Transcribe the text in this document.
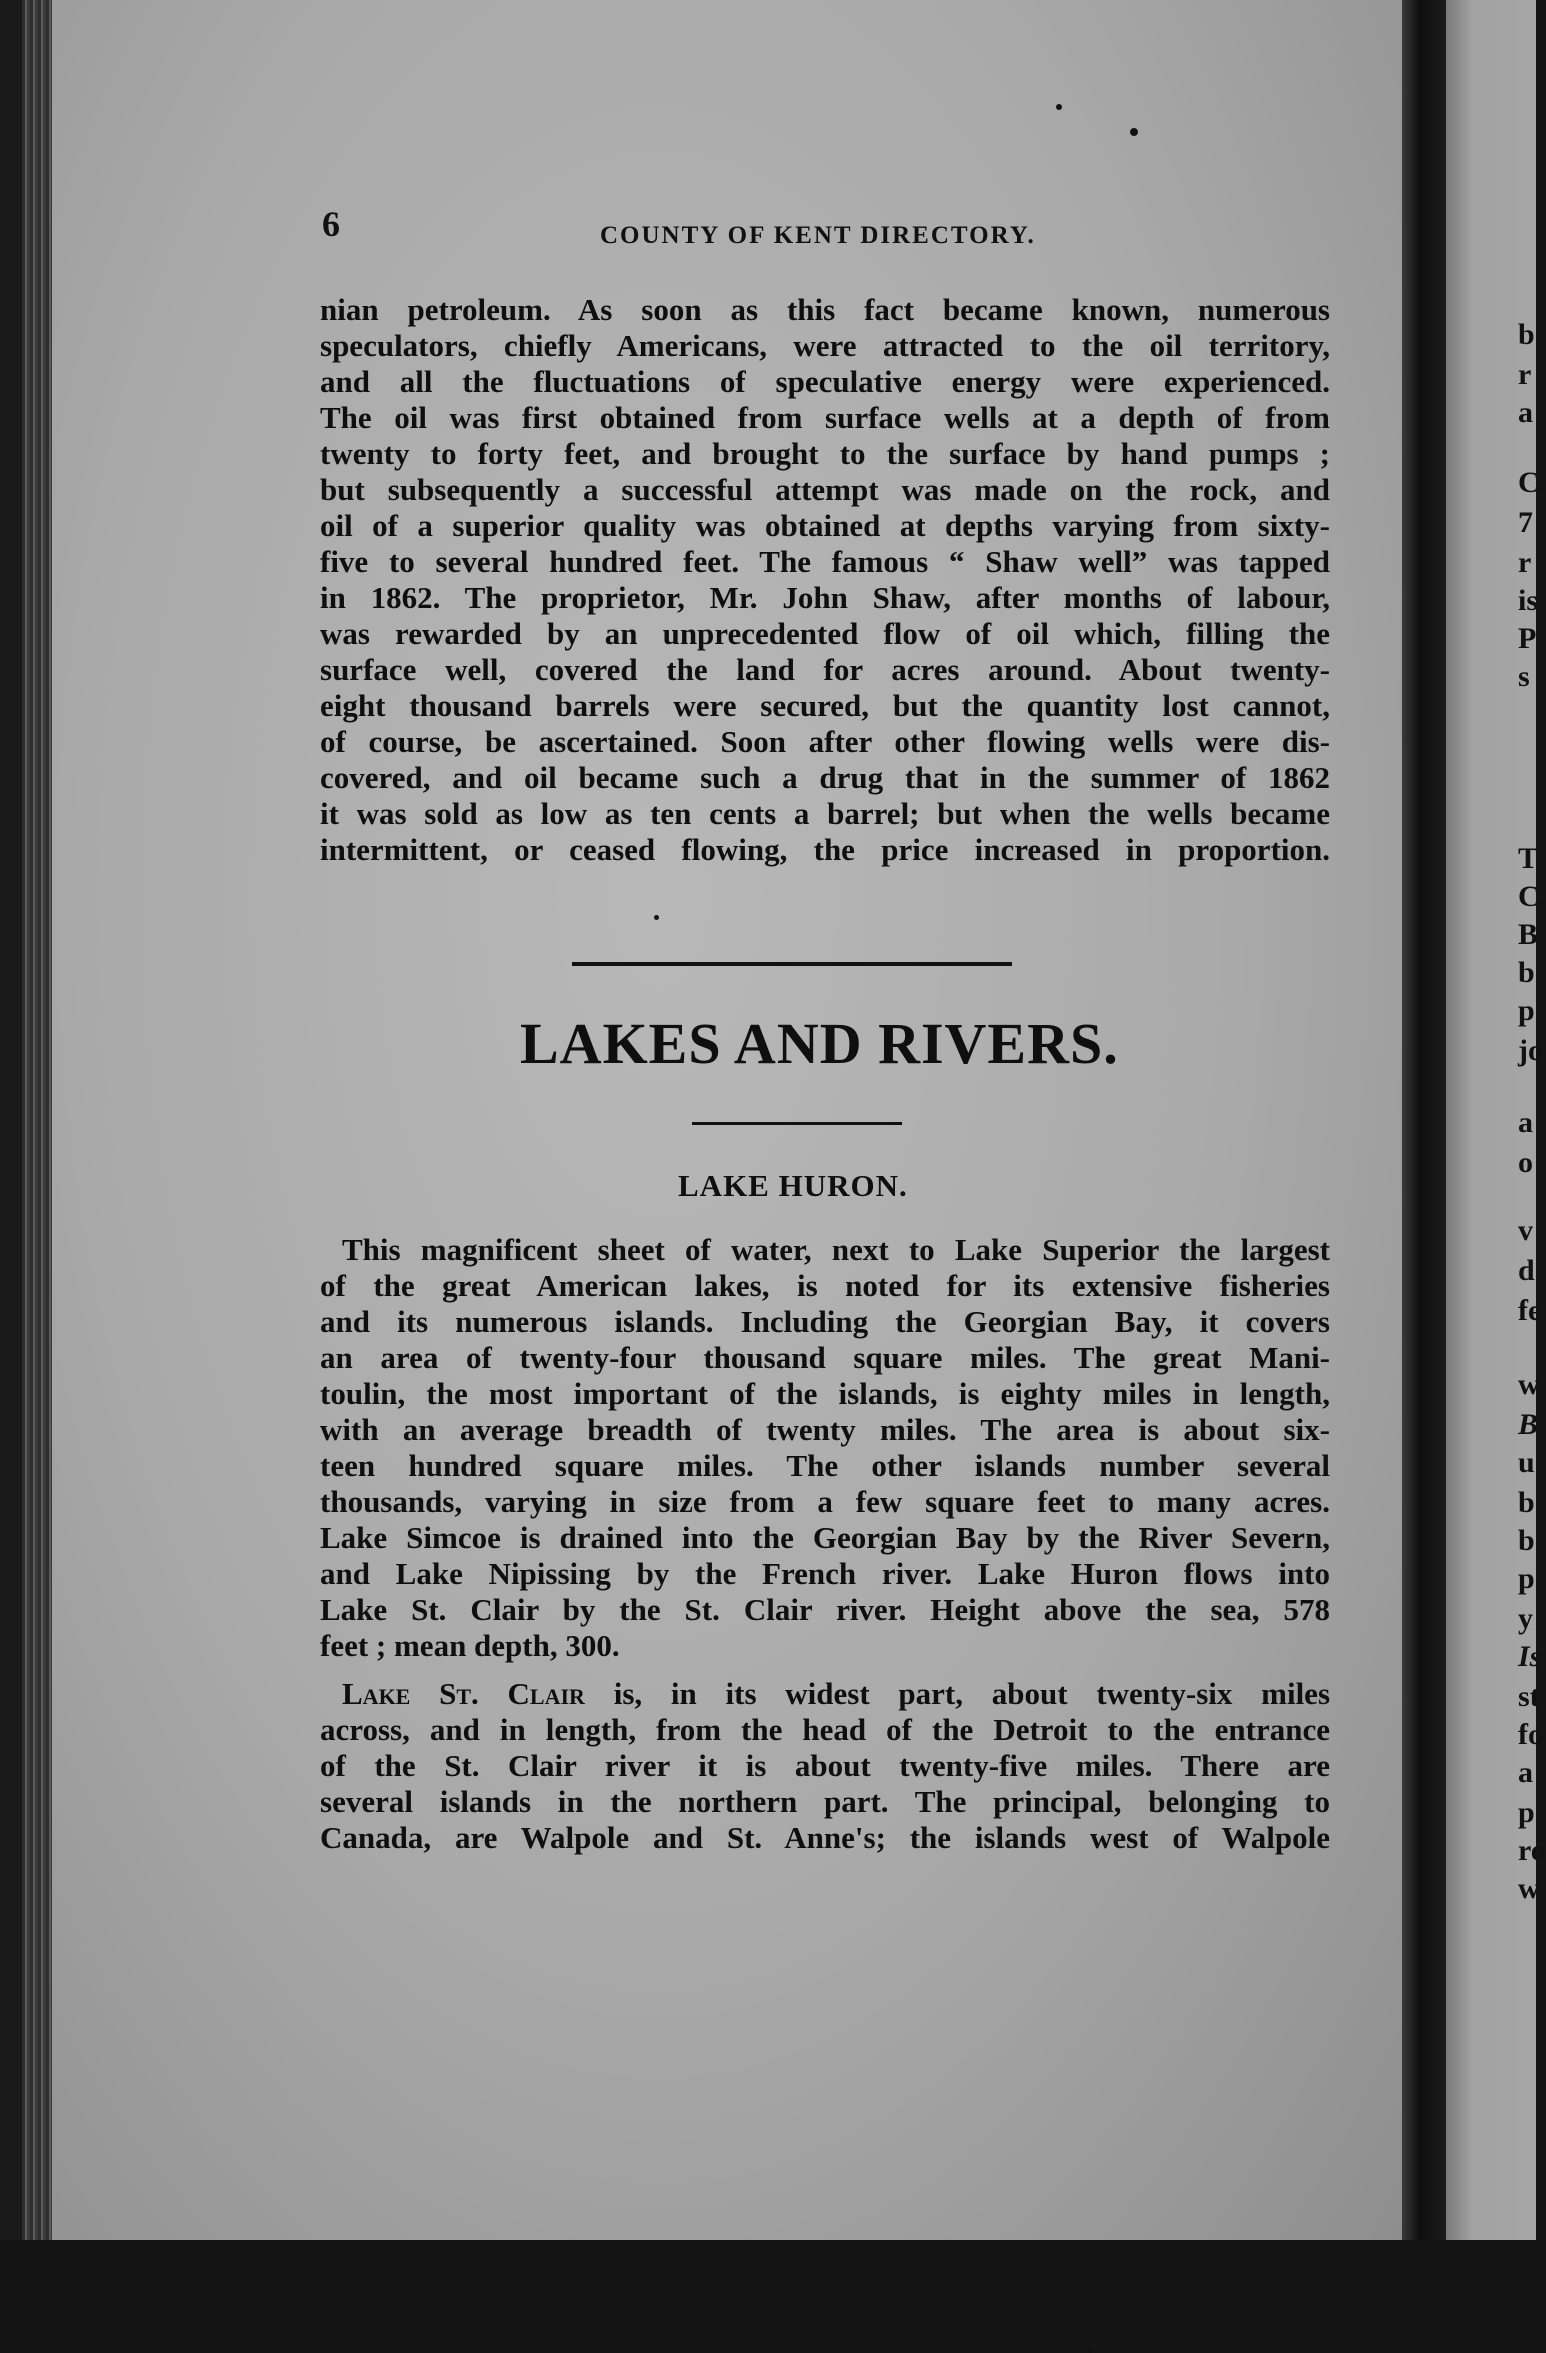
6	COUNTY OF KENT DIRECTORY.
nian petroleum. As soon as this fact became known, numerous
speculators, chiefly Americans, were attracted to the oil territory,
and all the fluctuations of speculative energy were experienced.
The oil was first obtained from surface wells at a depth of from
twenty to forty feet, and brought to the surface by hand pumps ;
but subsequently a successful attempt was made on the rock, and
oil of a superior quality was obtained at depths varying from sixty-
five to several hundred feet. The famous “ Shaw well” was tapped
in 1862. The proprietor, Mr. John Shaw, after months of labour,
was rewarded by an unprecedented flow of oil which, filling the
surface well, covered the land for acres around. About twenty-
eight thousand barrels were secured, but the quantity lost cannot,
of course, be ascertained. Soon after other flowing wells were dis-
covered, and oil became such a drug that in the summer of 1862
it was sold as low as ten cents a barrel; but when the wells became
intermittent, or ceased flowing, the price increased in proportion.
LAKES AND RIVERS.
LAKE HURON.
This magnificent sheet of water, next to Lake Superior the largest
of the great American lakes, is noted for its extensive fisheries
and its numerous islands. Including the Georgian Bay, it covers
an area of twenty-four thousand square miles. The great Mani-
toulin, the most important of the islands, is eighty miles in length,
with an average breadth of twenty miles. The area is about six-
teen hundred square miles. The other islands number several
thousands, varying in size from a few square feet to many acres.
Lake Simcoe is drained into the Georgian Bay by the River Severn,
and Lake Nipissing by the French river. Lake Huron flows into
Lake St. Clair by the St. Clair river. Height above the sea, 578
feet ; mean depth, 300.
Lake St. Clair is, in its widest part, about twenty-six miles
across, and in length, from the head of the Detroit to the entrance
of the St. Clair river it is about twenty-five miles. There are
several islands in the northern part. The principal, belonging to
Canada, are Walpole and St. Anne's; the islands west of Walpole
b
r
a
C
7
r
is
P
s
T
C
B
b
p
jo
a
o
v
d
fe
w
B
u
b
b
p
y
Is
st
fo
a
p
ro
w
